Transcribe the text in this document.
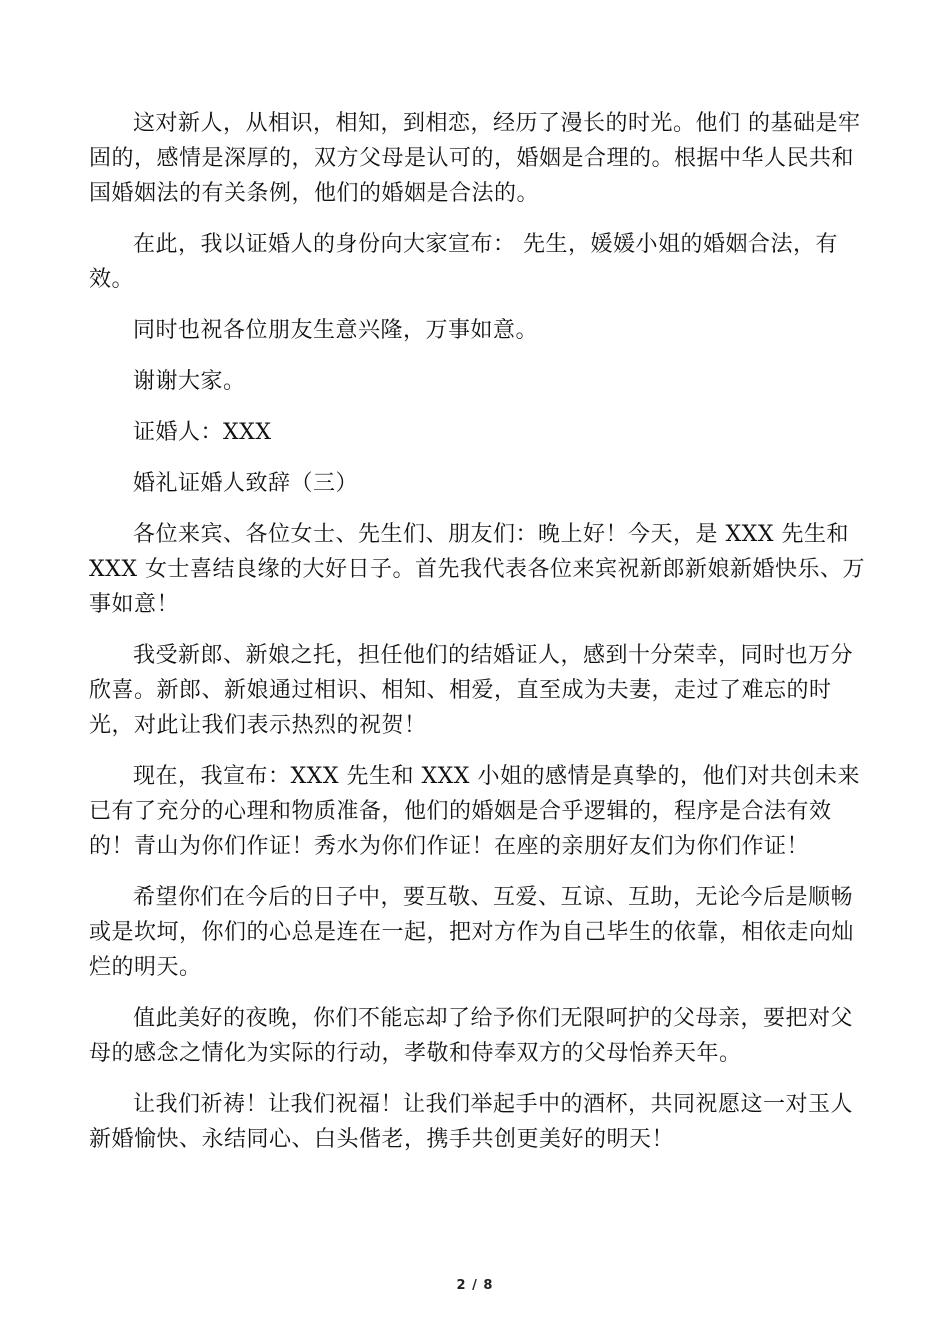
这对新人，从相识，相知，到相恋，经历了漫长的时光。他们 的基础是牢固的，感情是深厚的，双方父母是认可的，婚姻是合理的。根据中华人民共和国婚姻法的有关条例，他们的婚姻是合法的。

在此，我以证婚人的身份向大家宣布： 先生，媛媛小姐的婚姻合法，有效。

同时也祝各位朋友生意兴隆，万事如意。

谢谢大家。

证婚人：XXX

婚礼证婚人致辞（三）

各位来宾、各位女士、先生们、朋友们：晚上好！今天，是 XXX 先生和 XXX 女士喜结良缘的大好日子。首先我代表各位来宾祝新郎新娘新婚快乐、万事如意！

我受新郎、新娘之托，担任他们的结婚证人，感到十分荣幸，同时也万分欣喜。新郎、新娘通过相识、相知、相爱，直至成为夫妻，走过了难忘的时光，对此让我们表示热烈的祝贺！

现在，我宣布：XXX 先生和 XXX 小姐的感情是真挚的，他们对共创未来已有了充分的心理和物质准备，他们的婚姻是合乎逻辑的，程序是合法有效的！青山为你们作证！秀水为你们作证！在座的亲朋好友们为你们作证！

希望你们在今后的日子中，要互敬、互爱、互谅、互助，无论今后是顺畅或是坎坷，你们的心总是连在一起，把对方作为自己毕生的依靠，相依走向灿烂的明天。

值此美好的夜晚，你们不能忘却了给予你们无限呵护的父母亲，要把对父母的感念之情化为实际的行动，孝敬和侍奉双方的父母怡养天年。

让我们祈祷！让我们祝福！让我们举起手中的酒杯，共同祝愿这一对玉人新婚愉快、永结同心、白头偕老，携手共创更美好的明天！

2 / 8
